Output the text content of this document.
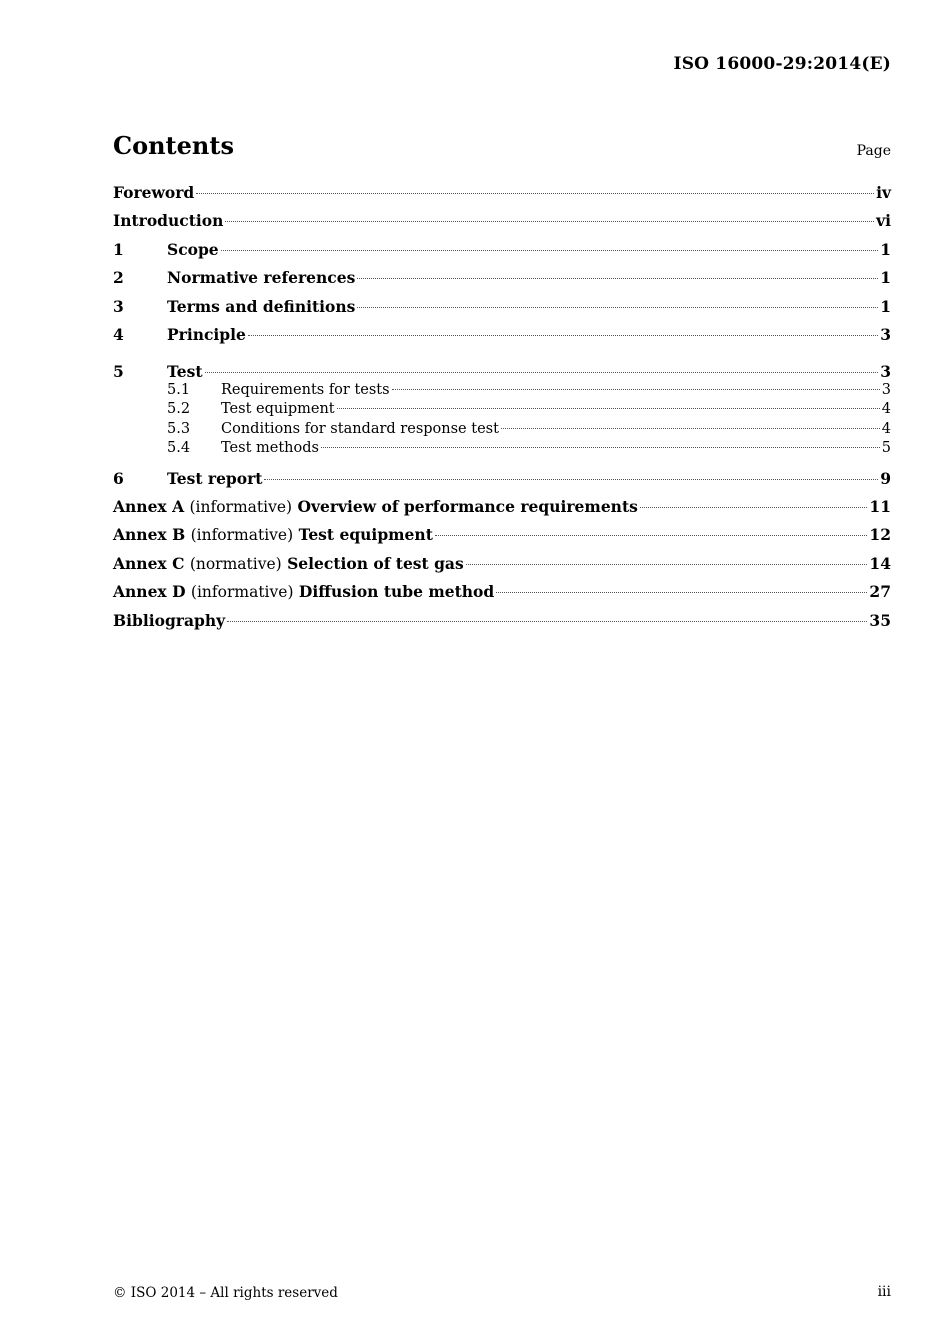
ISO 16000-29:2014(E)
Contents	Page
Foreword	iv
Introduction	vi
1	Scope	1
2	Normative references	1
3	Terms and definitions	1
4	Principle	3
5	Test	3
5.1	Requirements for tests	3
5.2	Test equipment	4
5.3	Conditions for standard response test	4
5.4	Test methods	5
6	Test report	9
Annex A (informative) Overview of performance requirements	11
Annex B (informative) Test equipment	12
Annex C (normative) Selection of test gas	14
Annex D (informative) Diffusion tube method	27
Bibliography	35
© ISO 2014 – All rights reserved	iii
